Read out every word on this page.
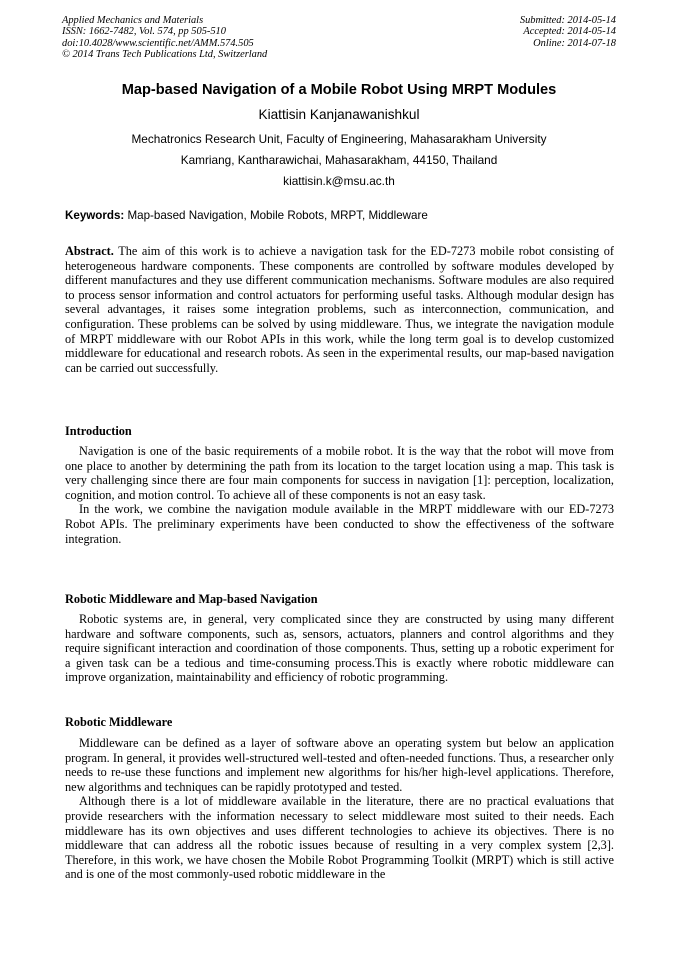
Applied Mechanics and Materials
ISSN: 1662-7482, Vol. 574, pp 505-510
doi:10.4028/www.scientific.net/AMM.574.505
© 2014 Trans Tech Publications Ltd, Switzerland
Submitted: 2014-05-14
Accepted: 2014-05-14
Online: 2014-07-18
Map-based Navigation of a Mobile Robot Using MRPT Modules
Kiattisin Kanjanawanishkul
Mechatronics Research Unit, Faculty of Engineering, Mahasarakham University
Kamriang, Kantharawichai, Mahasarakham, 44150, Thailand
kiattisin.k@msu.ac.th
Keywords: Map-based Navigation, Mobile Robots, MRPT, Middleware

Abstract. The aim of this work is to achieve a navigation task for the ED-7273 mobile robot consisting of heterogeneous hardware components. These components are controlled by software modules developed by different manufactures and they use different communication mechanisms. Software modules are also required to process sensor information and control actuators for performing useful tasks. Although modular design has several advantages, it raises some integration problems, such as interconnection, communication, and configuration. These problems can be solved by using middleware. Thus, we integrate the navigation module of MRPT middleware with our Robot APIs in this work, while the long term goal is to develop customized middleware for educational and research robots. As seen in the experimental results, our map-based navigation can be carried out successfully.

Introduction

Navigation is one of the basic requirements of a mobile robot. It is the way that the robot will move from one place to another by determining the path from its location to the target location using a map. This task is very challenging since there are four main components for success in navigation [1]: perception, localization, cognition, and motion control. To achieve all of these components is not an easy task.

In the work, we combine the navigation module available in the MRPT middleware with our ED-7273 Robot APIs. The preliminary experiments have been conducted to show the effectiveness of the software integration.

Robotic Middleware and Map-based Navigation

Robotic systems are, in general, very complicated since they are constructed by using many different hardware and software components, such as, sensors, actuators, planners and control algorithms and they require significant interaction and coordination of those components. Thus, setting up a robotic experiment for a given task can be a tedious and time-consuming process.This is exactly where robotic middleware can improve organization, maintainability and efficiency of robotic programming.

Robotic Middleware

Middleware can be defined as a layer of software above an operating system but below an application program. In general, it provides well-structured well-tested and often-needed functions. Thus, a researcher only needs to re-use these functions and implement new algorithms for his/her high-level applications. Therefore, new algorithms and techniques can be rapidly prototyped and tested.

Although there is a lot of middleware available in the literature, there are no practical evaluations that provide researchers with the information necessary to select middleware most suited to their needs. Each middleware has its own objectives and uses different technologies to achieve its objectives. There is no middleware that can address all the robotic issues because of resulting in a very complex system [2,3]. Therefore, in this work, we have chosen the Mobile Robot Programming Toolkit (MRPT) which is still active and is one of the most commonly-used robotic middleware in the
